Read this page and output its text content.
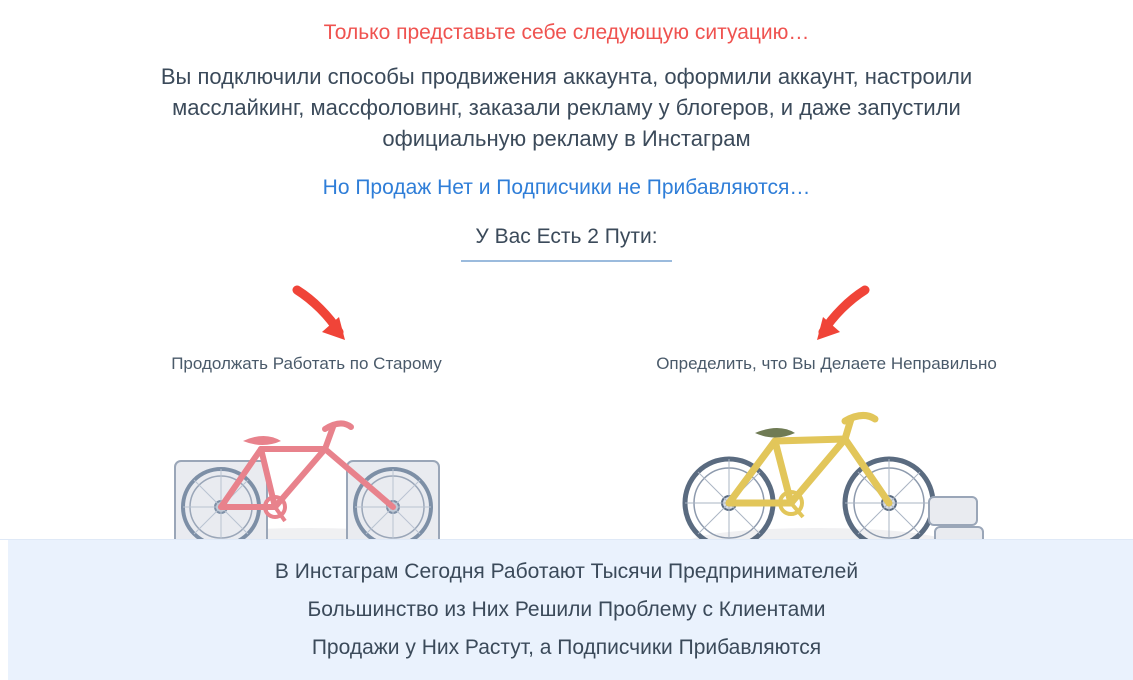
Только представьте себе следующую ситуацию…
Вы подключили способы продвижения аккаунта, оформили аккаунт, настроили масслайкинг, массфоловинг, заказали рекламу у блогеров, и даже запустили официальную рекламу в Инстаграм
Но Продаж Нет и Подписчики не Прибавляются…
У Вас Есть 2 Пути:
Продолжать Работать по Старому	Определить, что Вы Делаете Неправильно
В Инстаграм Сегодня Работают Тысячи Предпринимателей
Большинство из Них Решили Проблему с Клиентами
Продажи у Них Растут, а Подписчики Прибавляются
